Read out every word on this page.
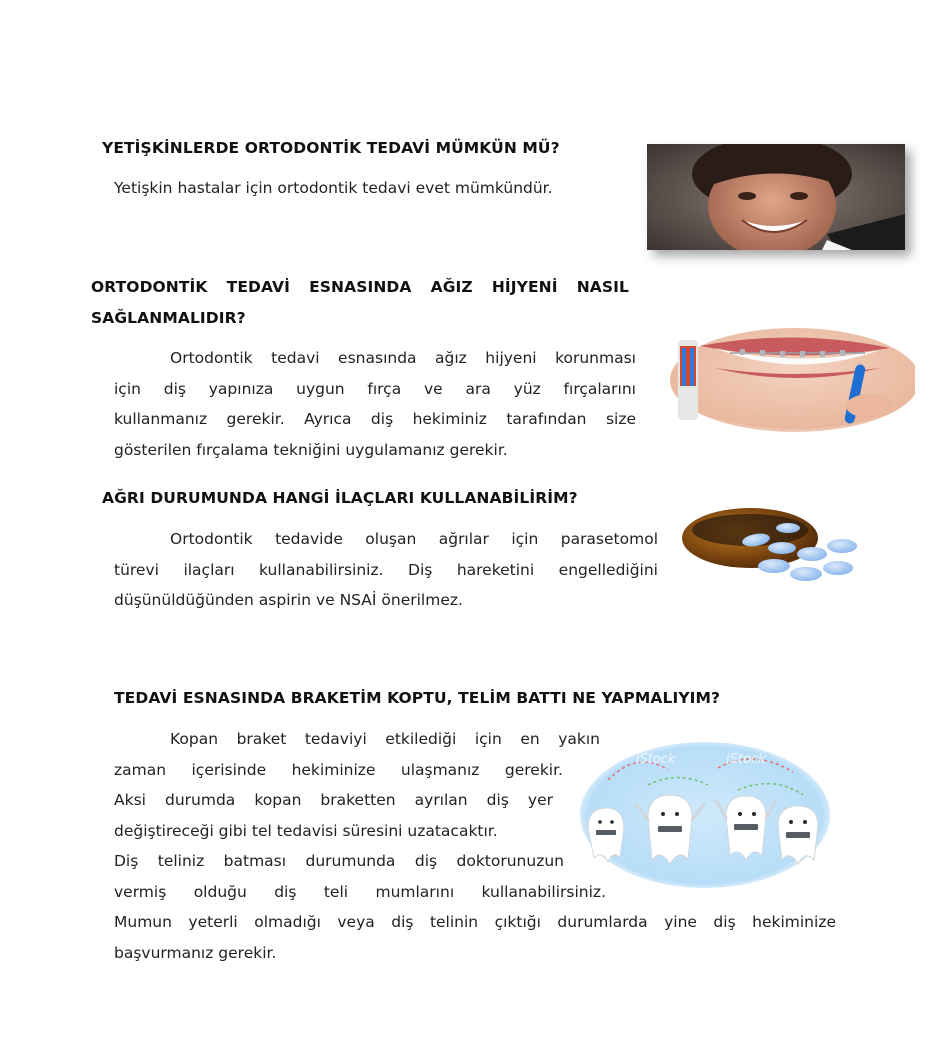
YETİŞKİNLERDE ORTODONTİK TEDAVİ MÜMKÜN MÜ?
Yetişkin hastalar için ortodontik tedavi evet mümkündür.
ORTODONTİK TEDAVİ ESNASINDA AĞIZ HİJYENİ NASIL
SAĞLANMALIDIR?
Ortodontik tedavi esnasında ağız hijyeni korunması
için diş yapınıza uygun fırça ve ara yüz fırçalarını
kullanmanız gerekir. Ayrıca diş hekiminiz tarafından size
gösterilen fırçalama tekniğini uygulamanız gerekir.
AĞRI DURUMUNDA HANGİ İLAÇLARI KULLANABİLİRİM?
Ortodontik tedavide oluşan ağrılar için parasetomol
türevi ilaçları kullanabilirsiniz. Diş hareketini engellediğini
düşünüldüğünden aspirin ve NSAİ önerilmez.
TEDAVİ ESNASINDA BRAKETİM KOPTU, TELİM BATTI NE YAPMALIYIM?
Kopan braket tedaviyi etkilediği için en yakın
zaman içerisinde hekiminize ulaşmanız gerekir.
Aksi durumda kopan braketten ayrılan diş yer
değiştireceği gibi tel tedavisi süresini uzatacaktır.
Diş teliniz batması durumunda diş doktorunuzun
vermiş olduğu diş teli mumlarını kullanabilirsiniz.
Mumun yeterli olmadığı veya diş telinin çıktığı durumlarda yine diş hekiminize
başvurmanız gerekir.
iStock	iStock
